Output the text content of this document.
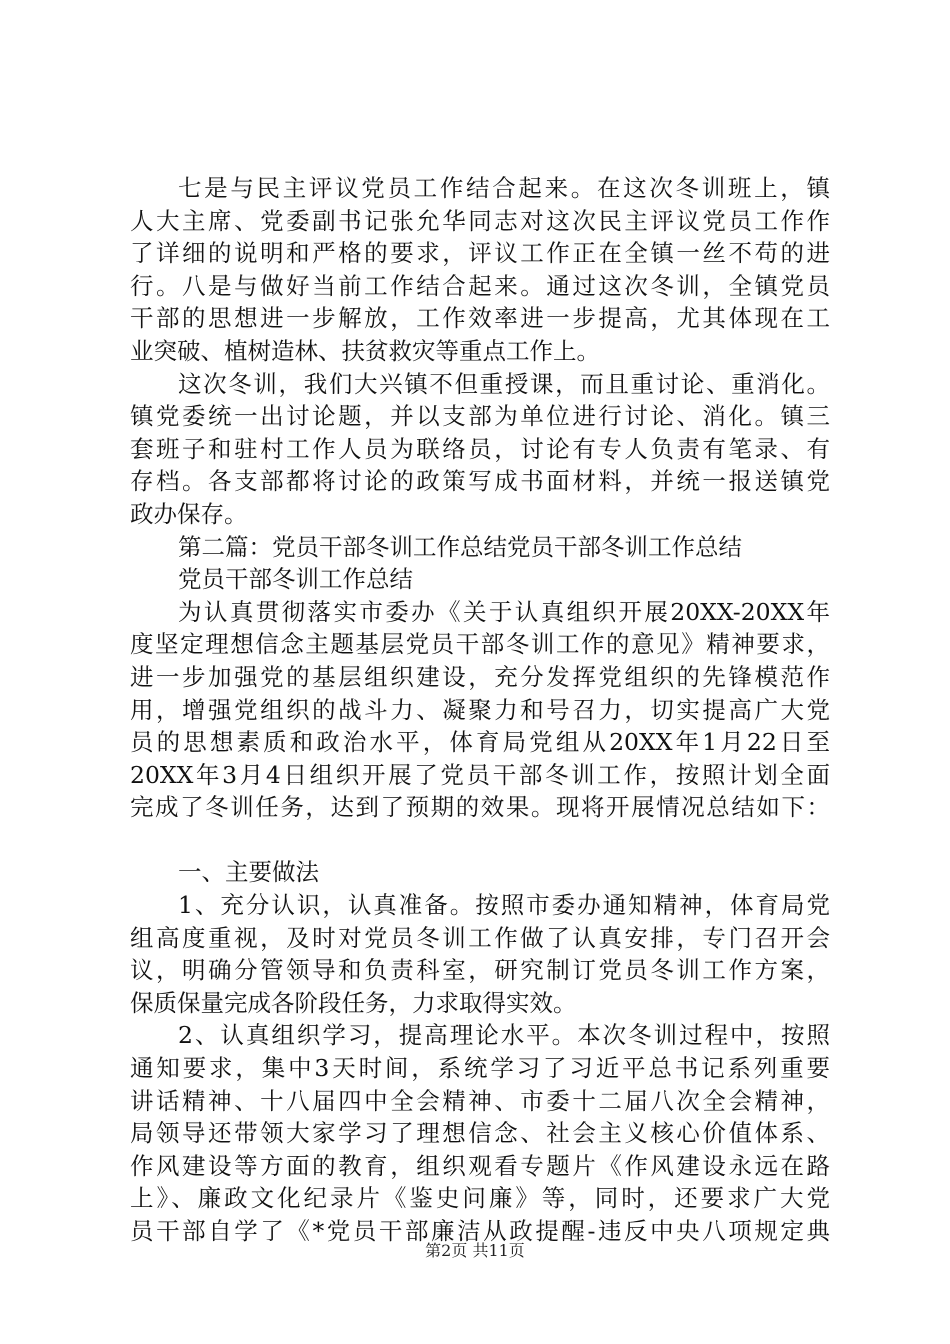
七是与民主评议党员工作结合起来。在这次冬训班上，镇
人大主席、党委副书记张允华同志对这次民主评议党员工作作
了详细的说明和严格的要求，评议工作正在全镇一丝不苟的进
行。八是与做好当前工作结合起来。通过这次冬训，全镇党员
干部的思想进一步解放，工作效率进一步提高，尤其体现在工
业突破、植树造林、扶贫救灾等重点工作上。
这次冬训，我们大兴镇不但重授课，而且重讨论、重消化。
镇党委统一出讨论题，并以支部为单位进行讨论、消化。镇三
套班子和驻村工作人员为联络员，讨论有专人负责有笔录、有
存档。各支部都将讨论的政策写成书面材料，并统一报送镇党
政办保存。
第二篇：党员干部冬训工作总结党员干部冬训工作总结
党员干部冬训工作总结
为认真贯彻落实市委办《关于认真组织开展20XX-20XX年
度坚定理想信念主题基层党员干部冬训工作的意见》精神要求，
进一步加强党的基层组织建设，充分发挥党组织的先锋模范作
用，增强党组织的战斗力、凝聚力和号召力，切实提高广大党
员的思想素质和政治水平，体育局党组从20XX年1月22日至
20XX年3月4日组织开展了党员干部冬训工作，按照计划全面
完成了冬训任务，达到了预期的效果。现将开展情况总结如下：
一、主要做法
1、充分认识，认真准备。按照市委办通知精神，体育局党
组高度重视，及时对党员冬训工作做了认真安排，专门召开会
议，明确分管领导和负责科室，研究制订党员冬训工作方案，
保质保量完成各阶段任务，力求取得实效。
2、认真组织学习，提高理论水平。本次冬训过程中，按照
通知要求，集中3天时间，系统学习了习近平总书记系列重要
讲话精神、十八届四中全会精神、市委十二届八次全会精神，
局领导还带领大家学习了理想信念、社会主义核心价值体系、
作风建设等方面的教育，组织观看专题片《作风建设永远在路
上》、廉政文化纪录片《鉴史问廉》等，同时，还要求广大党
员干部自学了《*党员干部廉洁从政提醒-违反中央八项规定典
第2页 共11页
